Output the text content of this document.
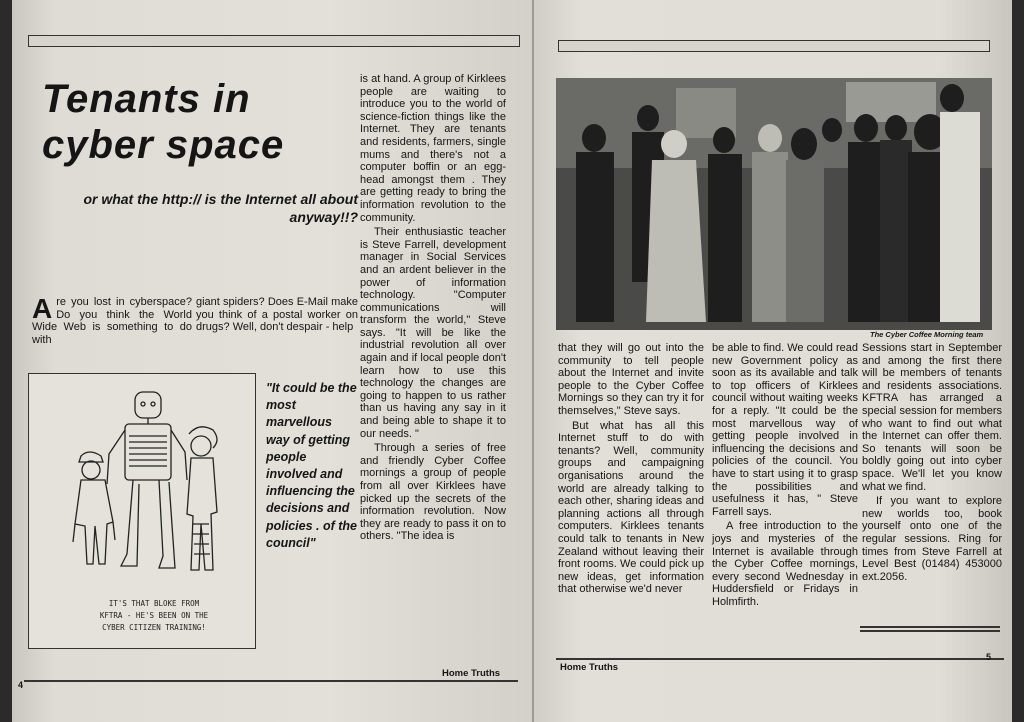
Tenants in
cyber space
or what the http:// is the Internet all about anyway!!?

Are you lost in cyberspace? Do you think the World Wide Web is something to do with

giant spiders? Does E-Mail make you think of a postal worker on drugs? Well, don't despair - help

is at hand. A group of Kirklees people are waiting to introduce you to the world of science-fiction things like the Internet. They are tenants and residents, farmers, single mums and there's not a computer boffin or an egg-head amongst them . They are getting ready to bring the information revolution to the community.

Their enthusiastic teacher is Steve Farrell, development manager in Social Services and an ardent believer in the power of information technology. "Computer communications will transform the world," Steve says. "It will be like the industrial revolution all over again and if local people don't learn how to use this technology the changes are going to happen to us rather than us having any say in it and being able to shape it to our needs. "

Through a series of free and friendly Cyber Coffee mornings a group of people from all over Kirklees have picked up the secrets of the information revolution. Now they are ready to pass it on to others. "The idea is

IT'S THAT BLOKE FROM
KFTRA - HE'S BEEN ON THE
CYBER CITIZEN TRAINING!
"It could be the most marvellous way of getting people involved and influencing the decisions and policies . of the council"
Home Truths
4
The Cyber Coffee Morning team

that they will go out into the community to tell people about the Internet and invite people to the Cyber Coffee Mornings so they can try it for themselves," Steve says.

But what has all this Internet stuff to do with tenants? Well, community groups and campaigning organisations around the world are already talking to each other, sharing ideas and planning actions all through computers. Kirklees tenants could talk to tenants in New Zealand without leaving their front rooms. We could pick up new ideas, get information that otherwise we'd never

be able to find. We could read new Government policy as soon as its available and talk to top officers of Kirklees council without waiting weeks for a reply. "It could be the most marvellous way of getting people involved in influencing the decisions and policies of the council. You have to start using it to grasp the possibilities and usefulness it has, " Steve Farrell says.

A free introduction to the joys and mysteries of the Internet is available through the Cyber Coffee mornings, every second Wednesday in Huddersfield or Fridays in Holmfirth.

Sessions start in September and among the first there will be members of tenants and residents associations. KFTRA has arranged a special session for members who want to find out what the Internet can offer them. So tenants will soon be boldly going out into cyber space. We'll let you know what we find.

If you want to explore new worlds too, book yourself onto one of the regular sessions. Ring for times from Steve Farrell at Level Best (01484) 453000 ext.2056.

Home Truths
5
